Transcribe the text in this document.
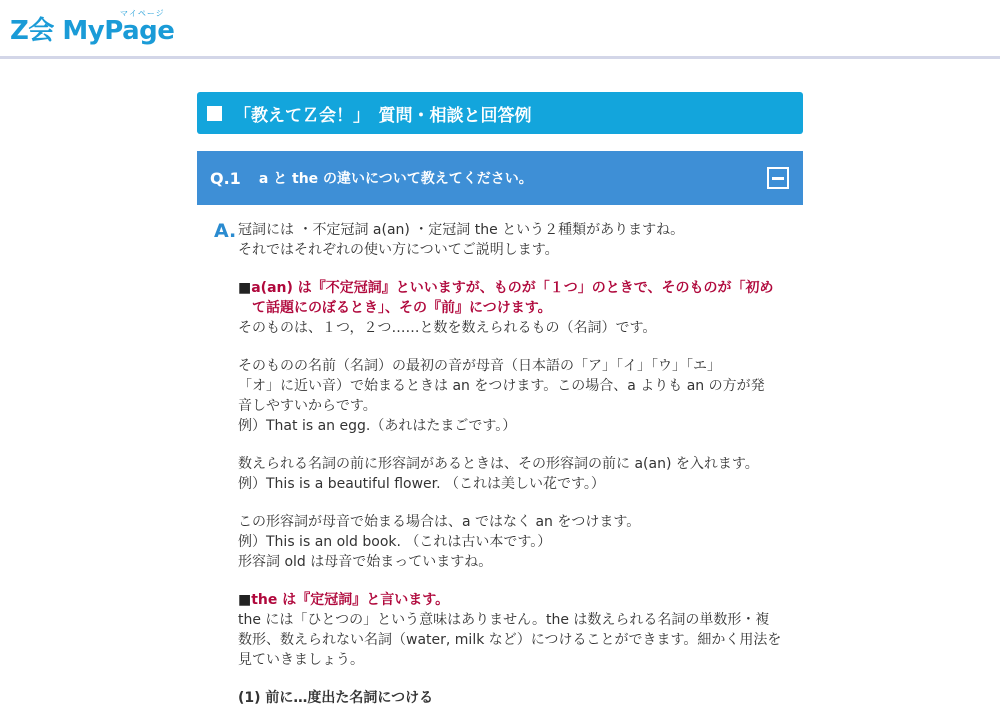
Z会 MyPage
マイページ
「教えてＺ会！」　質問・相談と回答例
Q.1 a と the の違いについて教えてください。
A. 冠詞には ・不定冠詞 a(an) ・定冠詞 the という２種類がありますね。

それではそれぞれの使い方についてご説明します。

■a(an) は『不定冠詞』といいますが、ものが「１つ」のときで、そのものが「初め

て話題にのぼるとき」、その『前』につけます。

そのものは、１つ，２つ……と数を数えられるもの（名詞）です。

そのものの名前（名詞）の最初の音が母音（日本語の「ア」「イ」「ウ」「エ」

「オ」に近い音）で始まるときは an をつけます。この場合、a よりも an の方が発

音しやすいからです。

例）That is an egg.（あれはたまごです。）

数えられる名詞の前に形容詞があるときは、その形容詞の前に a(an) を入れます。

例）This is a beautiful flower. （これは美しい花です。）

この形容詞が母音で始まる場合は、a ではなく an をつけます。

例）This is an old book. （これは古い本です。）

形容詞 old は母音で始まっていますね。

■the は『定冠詞』と言います。

the には「ひとつの」という意味はありません。the は数えられる名詞の単数形・複

数形、数えられない名詞（water, milk など）につけることができます。細かく用法を

見ていきましょう。

(1) 前に…度出た名詞につける
